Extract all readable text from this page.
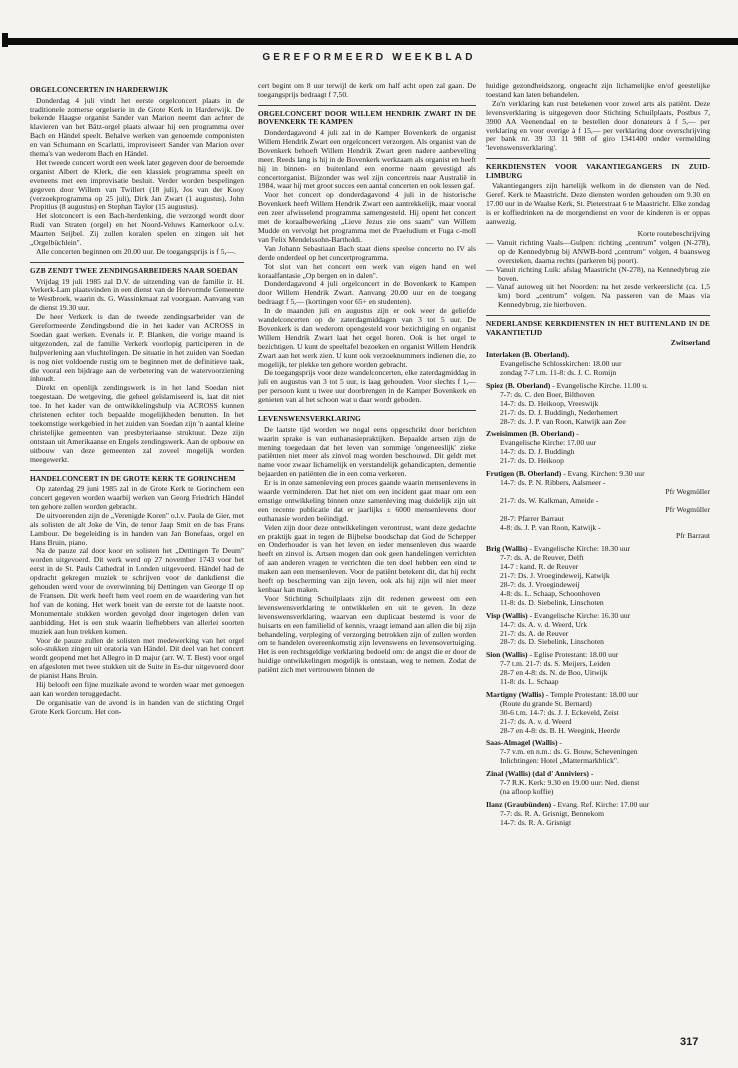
GEREFORMEERD WEEKBLAD
ORGELCONCERTEN IN HARDERWIJK

Donderdag 4 juli vindt het eerste orgelconcert plaats in de traditionele zomerse orgelserie in de Grote Kerk in Harderwijk. De bekende Haagse organist Sander van Marion neemt dan achter de klavieren van het Bätz-orgel plaats alwaar hij een programma over Bach en Händel speelt. Behalve werken van genoemde componisten en van Schumann en Scarlatti, improviseert Sander van Marion over thema's van wederom Bach en Händel.

Het tweede concert wordt een week later gegeven door de beroemde organist Albert de Klerk, die een klassiek programma speelt en eveneens met een improvisatie besluit. Verder worden bespelingen gegeven door Willem van Twillert (18 juli), Jos van der Kooy (verzoekprogramma op 25 juli), Dirk Jan Zwart (1 augustus), John Propitius (8 augustus) en Stephan Taylor (15 augustus).

Het slotconcert is een Bach-herdenking, die verzorgd wordt door Rudi van Straten (orgel) en het Noord-Veluws Kamerkoor o.l.v. Maarten Seijbel. Zij zullen koralen spelen en zingen uit het „Orgelbüchlein".

Alle concerten beginnen om 20.00 uur. De toegangsprijs is f 5,—.

GZB ZENDT TWEE ZENDINGSARBEIDERS NAAR SOEDAN

Vrijdag 19 juli 1985 zal D.V. de uitzending van de familie ir. H. Verkerk-Lam plaatsvinden in een dienst van de Hervormde Gemeente te Westbroek, waarin ds. G. Wassinkmaat zal voorgaan. Aanvang van de dienst 19.30 uur.

De heer Verkerk is dan de tweede zendingsarbeider van de Gereformeerde Zendingsbond die in het kader van ACROSS in Soedan gaat werken. Evenals ir. P. Blanken, die vorige maand is uitgezonden, zal de familie Verkerk voorlopig participeren in de hulpverlening aan vluchtelingen. De situatie in het zuiden van Soedan is nog niet voldoende rustig om te beginnen met de definitieve taak, die vooral een bijdrage aan de verbetering van de watervoorziening inhoudt.

Direkt en openlijk zendingswerk is in het land Soedan niet toegestaan. De wetgeving, die geheel geïslamiseerd is, laat dit niet toe. In het kader van de ontwikkelingshulp via ACROSS kunnen christenen echter toch bepaalde mogelijkheden benutten. In het toekomstige werkgebied in het zuiden van Soedan zijn 'n aantal kleine christelijke gemeenten van presbyteriaanse struktuur. Deze zijn ontstaan uit Amerikaanse en Engels zendingswerk. Aan de opbouw en uitbouw van deze gemeenten zal zoveel mogelijk worden meegewerkt.

HANDELCONCERT IN DE GROTE KERK TE GORINCHEM

Op zaterdag 29 juni 1985 zal in de Grote Kerk te Gorinchem een concert gegeven worden waarbij werken van Georg Friedrich Händel ten gehore zullen worden gebracht.

De uitvoerenden zijn de „Verenigde Koren" o.l.v. Paula de Gier, met als solisten de alt Joke de Vin, de tenor Jaap Smit en de bas Frans Lambour. De begeleiding is in handen van Jan Bonefaas, orgel en Hans Bruin, piano.

Na de pauze zal door koor en solisten het „Dettingen Te Deum" worden uitgevoerd. Dit werk werd op 27 november 1743 voor het eerst in de St. Pauls Cathedral in Londen uitgevoerd. Händel had de opdracht gekregen muziek te schrijven voor de dankdienst die gehouden werd voor de overwinning bij Dettingen van George II op de Fransen. Dit werk heeft hem veel roem en de waardering van het hof van de koning. Het werk boeit van de eerste tot de laatste noot. Monumentale stukken worden gevolgd door ingetogen delen van aanbidding. Het is een stuk waarin liefhebbers van allerlei soorten muziek aan hun trekken komen.

Voor de pauze zullen de solisten met medewerking van het orgel solo-stukken zingen uit oratoria van Händel. Dit deel van het concert wordt geopend met het Allegro in D majur (arr. W. T. Best) voor orgel en afgesloten met twee stukken uit de Suite in Es-dur uitgevoerd door de pianist Hans Bruin.

Hij belooft een fijne muzikale avond te worden waar met genoegen aan kan worden teruggedacht.

De organisatie van de avond is in handen van de stichting Orgel Grote Kerk Gorcum. Het con-

cert begint om 8 uur terwijl de kerk om half acht open zal gaan. De toegangsprijs bedraagt f 7,50.

ORGELCONCERT DOOR WILLEM HENDRIK ZWART IN DE BOVENKERK TE KAMPEN

Donderdagavond 4 juli zal in de Kamper Bovenkerk de organist Willem Hendrik Zwart een orgelconcert verzorgen. Als organist van de Bovenkerk behoeft Willem Hendrik Zwart geen nadere aanbeveling meer. Reeds lang is hij in de Bovenkerk werkzaam als organist en heeft hij in binnen- en buitenland een enorme naam gevestigd als concertorganist. Bijzonder was wel zijn concertreis naar Australië in 1984, waar hij met groot succes een aantal concerten en ook lessen gaf.

Voor het concert op donderdagavond 4 juli in de historische Bovenkerk heeft Willem Hendrik Zwart een aantrekkelijk, maar vooral een zeer afwisselend programma samengesteld. Hij opent het concert met de koraalbewerking „Lieve Jezus zie ons saam" van Willem Mudde en vervolgt het programma met de Praeludium et Fuga c-moll van Felix Mendelssohn-Bartholdi.

Van Johann Sebastiaan Bach staat diens speelse concerto no IV als derde onderdeel op het concertprogramma.

Tot slot van het concert een werk van eigen hand en wel koraalfantasie „Op bergen en in dalen".

Donderdagavond 4 juli orgelconcert in de Bovenkerk te Kampen door Willem Hendrik Zwart. Aanvang 20.00 uur en de toegang bedraagt f 5,— (kortingen voor 65+ en studenten).

In de maanden juli en augustus zijn er ook weer de geliefde wandelconcerten op de zaterdagmiddagen van 3 tot 5 uur. De Bovenkerk is dan wederom opengesteld voor bezichtiging en organist Willem Hendrik Zwart laat het orgel horen. Ook is het orgel te bezichtigen. U kunt de speeltafel bezoeken en organist Willem Hendrik Zwart aan het werk zien. U kunt ook verzoeknummers indienen die, zo mogelijk, ter plekke ten gehore worden gebracht.

De toegangsprijs voor deze wandelconcerten, elke zaterdagmiddag in juli en augustus van 3 tot 5 uur, is laag gehouden. Voor slechts f 1,— per persoon kunt u twee uur doorbrengen in de Kamper Bovenkerk en genieten van al het schoon wat u daar wordt geboden.

LEVENSWENSVERKLARING

De laatste tijd worden we nogal eens opgeschrikt door berichten waarin sprake is van euthanasiepraktijken. Bepaalde artsen zijn de mening toegedaan dat het leven van sommige 'ongeneeslijk' zieke patiënten niet meer als zinvol mag worden beschouwd. Dit geldt met name voor zwaar lichamelijk en verstandelijk gehandicapten, dementie bejaarden en patiënten die in een coma verkeren.

Er is in onze samenleving een proces gaande waarin mensenlevens in waarde verminderen. Dat het niet om een incident gaat maar om een ernstige ontwikkeling binnen onze samenleving mag duidelijk zijn uit een recente publicatie dat er jaarlijks ± 6000 mensenlevens door euthanasie worden beëindigd.

Velen zijn door deze ontwikkelingen verontrust, want deze gedachte en praktijk gaat in tegen de Bijbelse boodschap dat God de Schepper en Onderhouder is van het leven en ieder mensenleven dus waarde heeft en zinvol is. Artsen mogen dan ook geen handelingen verrichten of aan anderen vragen te verrichten die ten doel hebben een eind te maken aan een mensenleven. Voor de patiënt betekent dit, dat hij recht heeft op bescherming van zijn leven, ook als hij zijn wil niet meer kenbaar kan maken.

Voor Stichting Schuilplaats zijn dit redenen geweest om een levenswensverklaring te ontwikkelen en uit te geven. In deze levenswensverklaring, waarvan een duplicaat bestemd is voor de huisarts en een familielid of kennis, vraagt iemand aan allen die bij zijn behandeling, verpleging of verzorging betrokken zijn of zullen worden om te handelen overeenkomstig zijn levenswens en levensovertuiging. Het is een rechtsgeldige verklaring bedoeld om: de angst die er door de huidige ontwikkelingen mogelijk is ontstaan, weg te nemen. Zodat de patiënt zich met vertrouwen binnen de

huidige gezondheidszorg, ongeacht zijn lichamelijke en/of geestelijke toestand kan laten behandelen.

Zo'n verklaring kan rust betekenen voor zowel arts als patiënt. Deze levensverklaring is uitgegeven door Stichting Schuilplaats, Postbus 7, 3900 AA Veenendaal en te bestellen door donateurs à f 5,— per verklaring en voor overige à f 15,— per verklaring door overschrijving per bank nr. 39 33 11 988 of giro 1341400 onder vermelding 'levenswensverklaring'.

KERKDIENSTEN VOOR VAKANTIEGANGERS IN ZUID-LIMBURG

Vakantiegangers zijn hartelijk welkom in de diensten van de Ned. Geref. Kerk te Maastricht. Deze diensten worden gehouden om 9.30 en 17.00 uur in de Waalse Kerk, St. Pieterstraat 6 te Maastricht. Elke zondag is er koffiedrinken na de morgendienst en voor de kinderen is er oppas aanwezig.

Korte routebeschrijving
— Vanuit richting Vaals—Gulpen: richting „centrum" volgen (N-278), op de Kennedybrug bij ANWB-bord „centrum" volgen, 4 baansweg oversteken, daarna rechts (parkeren bij poort).
— Vanuit richting Luik: afslag Maastricht (N-278), na Kennedybrug zie boven.
— Vanaf autoweg uit het Noorden: na het zesde verkeerslicht (ca. 1,5 km) bord „centrum" volgen. Na passeren van de Maas via Kennedybrug, zie hierboven.
NEDERLANDSE KERKDIENSTEN IN HET BUITENLAND IN DE VAKANTIETIJD
Zwitserland
Interlaken (B. Oberland).
Evangelische Schlosskirchen: 18.00 uur
zondag 7-7 t.m. 11-8: ds. J. C. Romijn
Spiez (B. Oberland) - Evangelische Kirche. 11.00 u.
7-7: ds. C. den Boer, Bilthoven
14-7: ds. D. Heikoop, Vreeswijk
21-7: ds. D. J. Buddingh, Nederhemert
28-7: ds. J. P. van Roon, Katwijk aan Zee
Zweisimmen (B. Oberland) -
Evangelische Kirche: 17.00 uur
14-7: ds. D. J. Buddingh
21-7: ds. D. Heikoop
Frutigen (B. Oberland) - Evang. Kirchen: 9.30 uur
14-7: ds. P. N. Ribbers, Aalsmeer -
Pfr Wegmüller
21-7: ds. W. Kalkman, Ameide -
Pfr Wegmüller
28-7: Pfarrer Barraut
4-8: ds. J. P. van Roon, Katwijk -
Pfr Barraut
Brig (Wallis) - Evangelische Kirche: 18.30 uur
7-7: ds. A. de Reuver, Delft
14-7 : kand. R. de Reuver
21-7: Ds. J. Vroegindeweij, Katwijk
28-7: ds. J. Vroegindeweij
4-8: ds. L. Schaap, Schoonhoven
11-8: ds. D. Siebelink, Linschoten
Visp (Wallis) - Evangelische Kirche: 16.30 uur
14-7: ds. A. v. d. Weerd, Urk
21-7: ds. A. de Reuver
28-7: ds. D. Siebelink, Linschoten
Sion (Wallis) - Eglise Protestant: 18.00 uur
7-7 t.m. 21-7: ds. S. Meijers, Leiden
28-7 en 4-8: ds. N. de Boo, Uitwijk
11-8: ds. L. Schaap
Martigny (Wallis) - Temple Protestant: 18.00 uur
(Route du grande St. Bernard)
30-6 t.m. 14-7: ds. J. J. Eckeveld, Zeist
21-7: ds. A. v. d. Weerd
28-7 en 4-8: ds. B. H. Weegink, Heerde
Saas-Almagel (Wallis) -
7-7 v.m. en n.m.: ds. G. Bouw, Scheveningen
Inlichtingen: Hotel „Mattermarkblick".
Zinal (Wallis) (dal d' Anniviers) -
7-7 R.K. Kerk: 9.30 en 19.00 uur: Ned. dienst
(na afloop koffie)
Ilanz (Graubünden) - Evang. Ref. Kirche: 17.00 uur
7-7: ds. R. A. Grisnigt, Bennekom
14-7: ds. R. A. Grisnigt
317
